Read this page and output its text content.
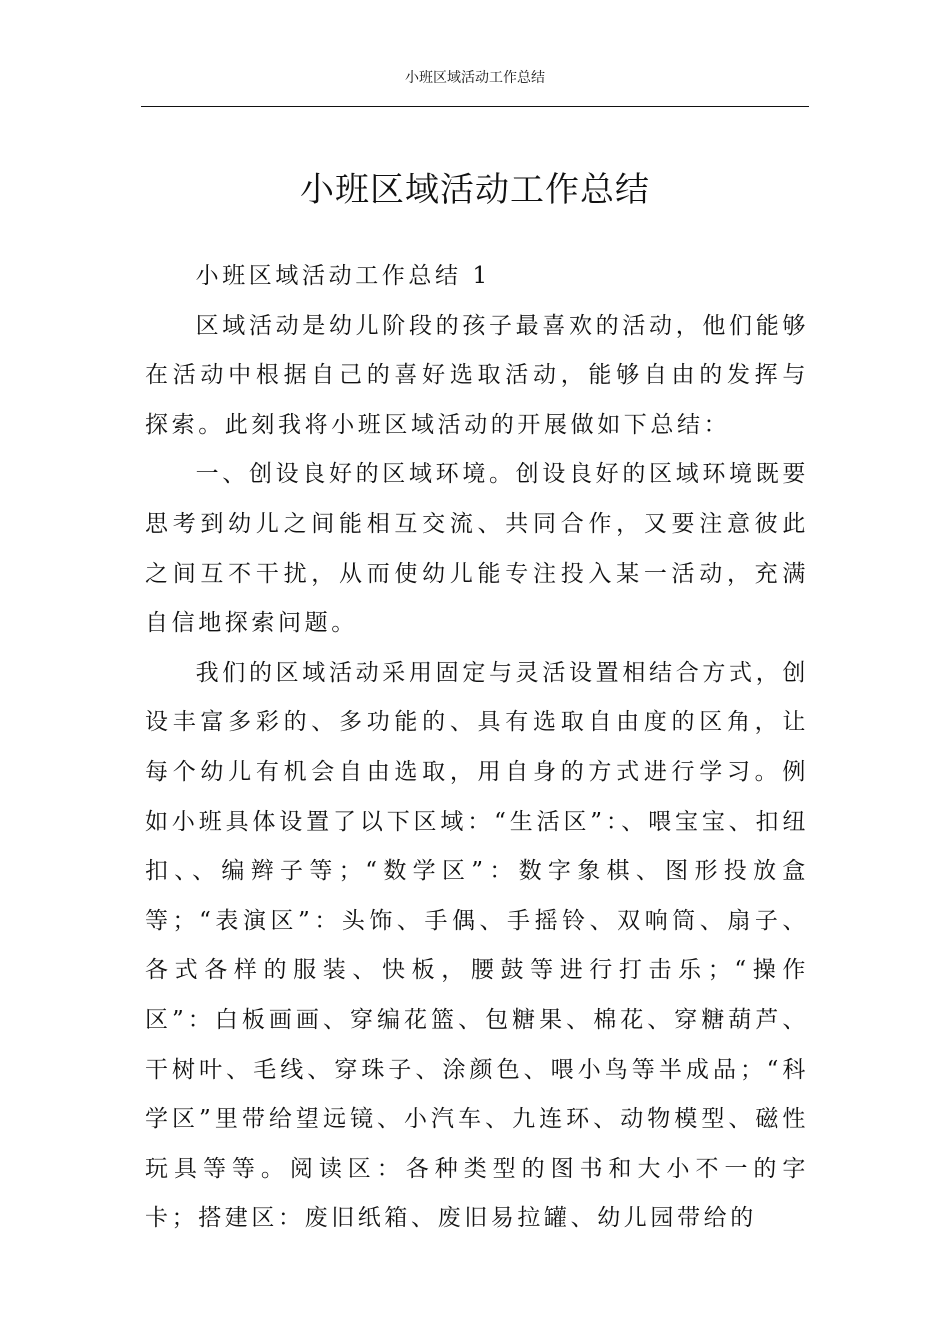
小班区域活动工作总结
小班区域活动工作总结

小班区域活动工作总结 1

区域活动是幼儿阶段的孩子最喜欢的活动，他们能够在活动中根据自己的喜好选取活动，能够自由的发挥与探索。此刻我将小班区域活动的开展做如下总结：

一、创设良好的区域环境。创设良好的区域环境既要思考到幼儿之间能相互交流、共同合作，又要注意彼此之间互不干扰，从而使幼儿能专注投入某一活动，充满自信地探索问题。

我们的区域活动采用固定与灵活设置相结合方式，创设丰富多彩的、多功能的、具有选取自由度的区角，让每个幼儿有机会自由选取，用自身的方式进行学习。例如小班具体设置了以下区域：“生活区”：、喂宝宝、扣纽扣、、编辫子等；“数学区”：数字象棋、图形投放盒等；“表演区”：头饰、手偶、手摇铃、双响筒、扇子、各式各样的服装、快板，腰鼓等进行打击乐；“操作区”：白板画画、穿编花篮、包糖果、棉花、穿糖葫芦、干树叶、毛线、穿珠子、涂颜色、喂小鸟等半成品；“科学区”里带给望远镜、小汽车、九连环、动物模型、磁性玩具等等。阅读区：各种类型的图书和大小不一的字卡；搭建区：废旧纸箱、废旧易拉罐、幼儿园带给的
